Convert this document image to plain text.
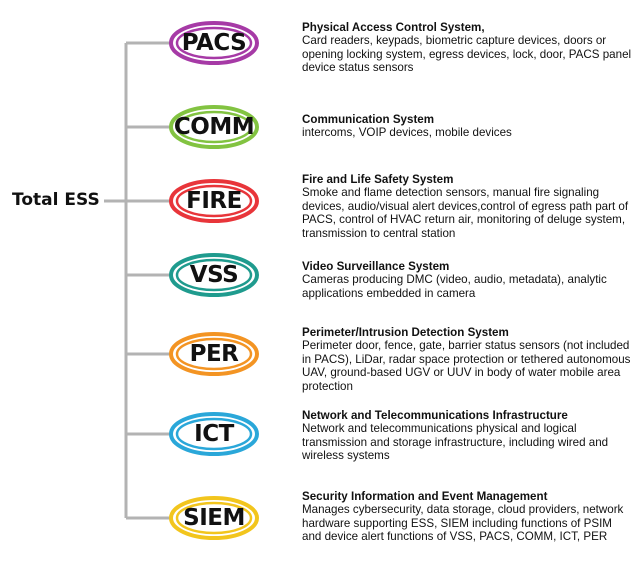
Total ESS
PACS
Physical Access Control System,
Card readers, keypads, biometric capture devices, doors or opening locking system, egress devices, lock, door, PACS panel device status sensors
COMM	Communication System
intercoms, VOIP devices, mobile devices
FIRE
Fire and Life Safety System
Smoke and flame detection sensors, manual fire signaling devices, audio/visual alert devices,control of egress path part of PACS, control of HVAC return air, monitoring of deluge system, transmission to central station
VSS	Video Surveillance System
Cameras producing DMC (video, audio, metadata), analytic applications embedded in camera
PER
Perimeter/Intrusion Detection System
Perimeter door, fence, gate, barrier status sensors (not included in PACS), LiDar, radar space protection or tethered autonomous UAV, ground-based UGV or UUV in body of water mobile area protection
ICT
Network and Telecommunications Infrastructure
Network and telecommunications physical and logical transmission and storage infrastructure, including wired and wireless systems
SIEM
Security Information and Event Management
Manages cybersecurity, data storage, cloud providers, network hardware supporting ESS, SIEM including functions of PSIM and device alert functions of VSS, PACS, COMM, ICT, PER
